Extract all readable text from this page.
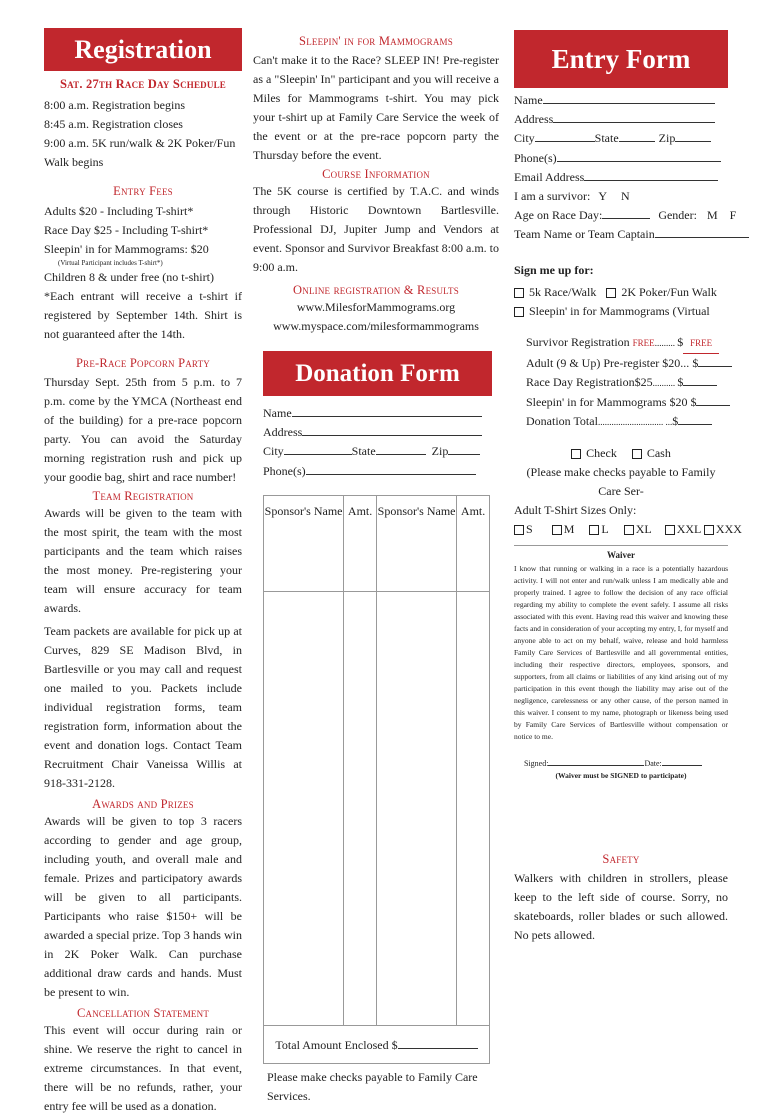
Registration
Sat. 27th Race Day Schedule

8:00 a.m. Registration begins

8:45 a.m. Registration closes

9:00 a.m. 5K run/walk & 2K Poker/Fun Walk begins

Entry Fees

Adults $20 - Including T-shirt*

Race Day $25 - Including T-shirt*

Sleepin' in for Mammograms: $20

(Virtual Participant includes T-shirt*)

Children 8 & under free (no t-shirt)

*Each entrant will receive a t-shirt if registered by September 14th. Shirt is not guaranteed after the 14th.

Pre-Race Popcorn Party

Thursday Sept. 25th from 5 p.m. to 7 p.m. come by the YMCA (Northeast end of the building) for a pre-race popcorn party. You can avoid the Saturday morning registration rush and pick up your goodie bag, shirt and race number!

Team Registration

Awards will be given to the team with the most spirit, the team with the most participants and the team which raises the most money. Pre-registering your team will ensure accuracy for team awards.

Team packets are available for pick up at Curves, 829 SE Madison Blvd, in Bartlesville or you may call and request one mailed to you. Packets include individual registration forms, team registration form, information about the event and donation logs. Contact Team Recruitment Chair Vaneissa Willis at 918-331-2128.

Awards and Prizes

Awards will be given to top 3 racers according to gender and age group, including youth, and overall male and female. Prizes and participatory awards will be given to all participants. Participants who raise $150+ will be awarded a special prize. Top 3 hands win in 2K Poker Walk. Can purchase additional draw cards and hands. Must be present to win.

Cancellation Statement

This event will occur during rain or shine. We reserve the right to cancel in extreme circumstances. In that event, there will be no refunds, rather, your entry fee will be used as a donation.

Sleepin' in for Mammograms

Can't make it to the Race? SLEEP IN! Pre-register as a "Sleepin' In" participant and you will receive a Miles for Mammograms t-shirt. You may pick your t-shirt up at Family Care Service the week of the event or at the pre-race popcorn party the Thursday before the event.

Course Information

The 5K course is certified by T.A.C. and winds through Historic Downtown Bartlesville. Professional DJ, Jupiter Jump and Vendors at event. Sponsor and Survivor Breakfast 8:00 a.m. to 9:00 a.m.

Online registration & Results

www.MilesforMammograms.org

www.myspace.com/milesformammograms

Donation Form
Name
Address
City	State	Zip
Phone(s)
Sponsor's Name	Amt.	Sponsor's Name	Amt.

Total Amount Enclosed $			

Please make checks payable to Family Care Services.

Entry Form
Name
Address
City	State	Zip
Phone(s)
Email Address
I am a survivor: Y N
Age on Race Day:	Gender: M F
Team Name or Team Captain
Sign me up for:
5k Race/Walk 2K Poker/Fun Walk
Sleepin' in for Mammograms (Virtual
Survivor Registration FREE......... $ FREE
Adult (9 & Up) Pre-register $20... $
Race Day Registration$25.......... $
Sleepin' in for Mammograms $20 $
Donation Total............................. ...$
Check	Cash
(Please make checks payable to Family Care Ser-
Adult T-Shirt Sizes Only:
S	M L XL XXL XXX
Waiver
I know that running or walking in a race is a potentially hazardous activity. I will not enter and run/walk unless I am medically able and properly trained. I agree to follow the decision of any race official regarding my ability to complete the event safely. I assume all risks associated with this event. Having read this waiver and knowing these facts and in consideration of your accepting my entry, I, for myself and anyone able to act on my behalf, waive, release and hold harmless Family Care Services of Bartlesville and all governmental entities, including their respective directors, employees, sponsors, and supporters, from all claims or liabilities of any kind arising out of my participation in this event though the liability may arise out of the negligence, carelessness or any other cause, of the person named in this waiver. I consent to my name, photograph or likeness being used by Family Care Services of Bartlesville without compensation or notice to me.
Signed:	Date:
(Waiver must be SIGNED to participate)
Safety

Walkers with children in strollers, please keep to the left side of course. Sorry, no skateboards, roller blades or such allowed. No pets allowed.
